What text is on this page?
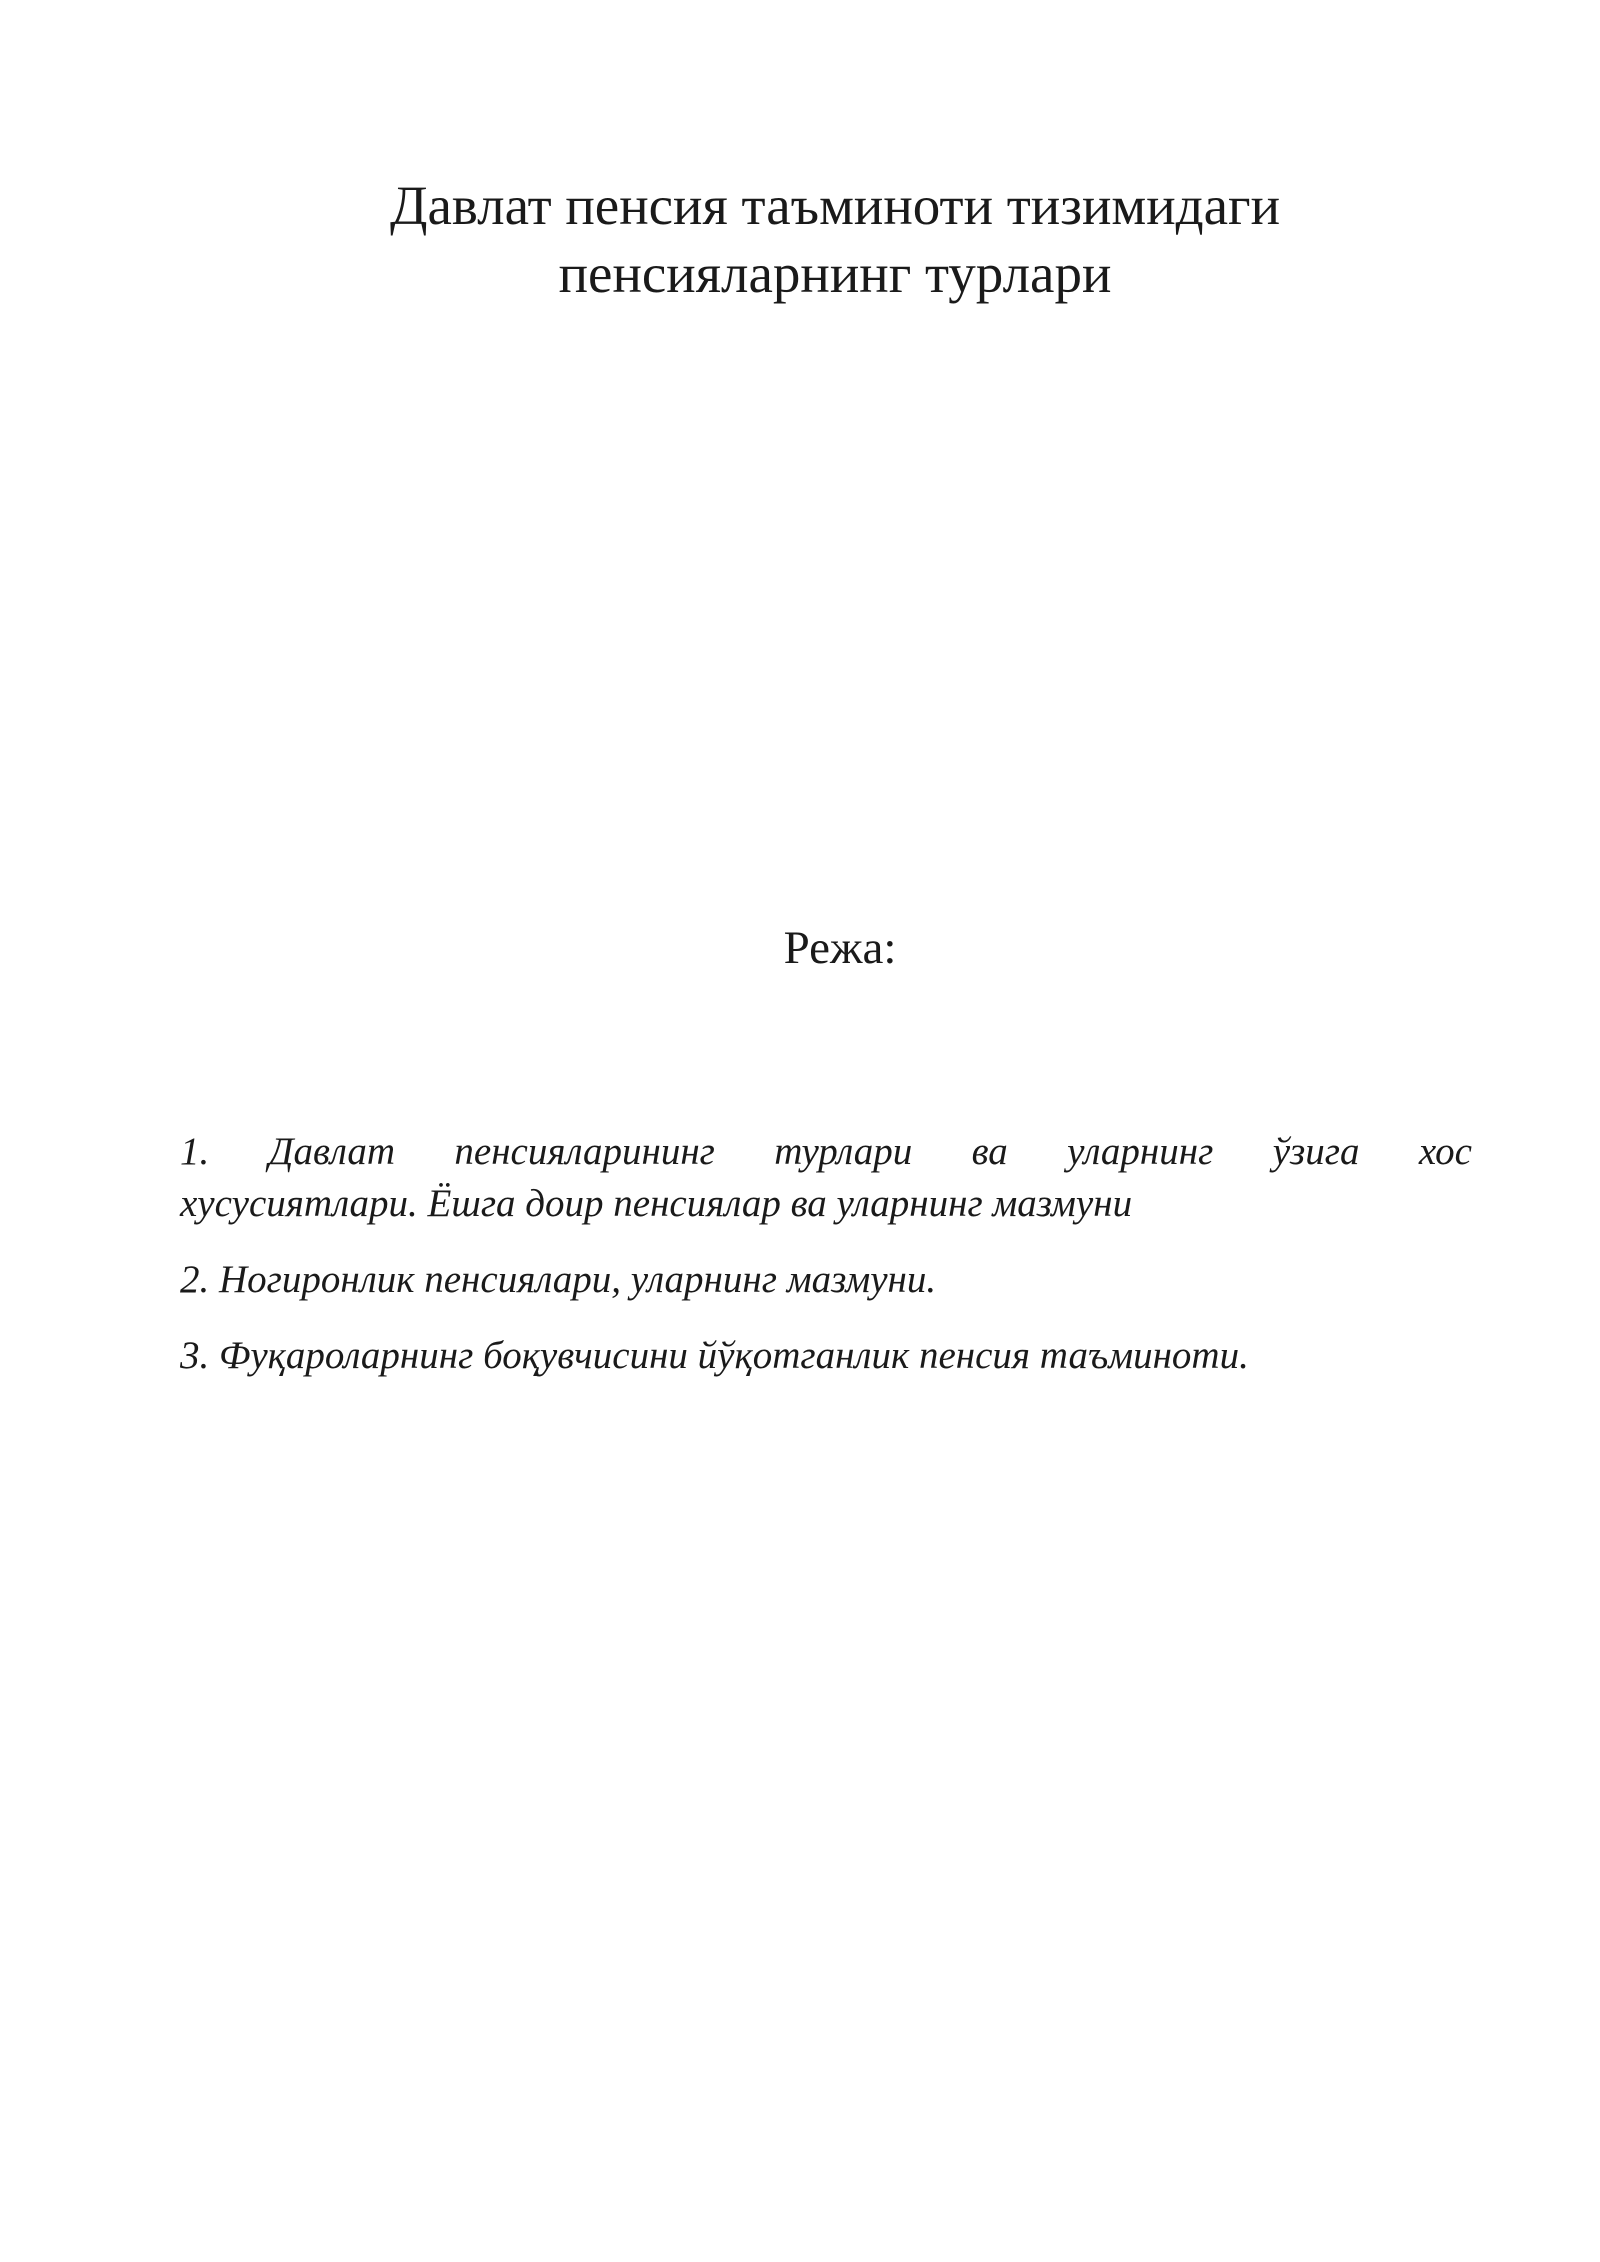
Давлат пенсия таъминоти тизимидаги
пенсияларнинг турлари
Режа:
1. Давлат пенсияларининг турлари ва уларнинг ўзига хос
хусусиятлари. Ёшга доир пенсиялар ва уларнинг мазмуни
2. Ногиронлик пенсиялари, уларнинг мазмуни.
3. Фуқароларнинг боқувчисини йўқотганлик пенсия таъминоти.
